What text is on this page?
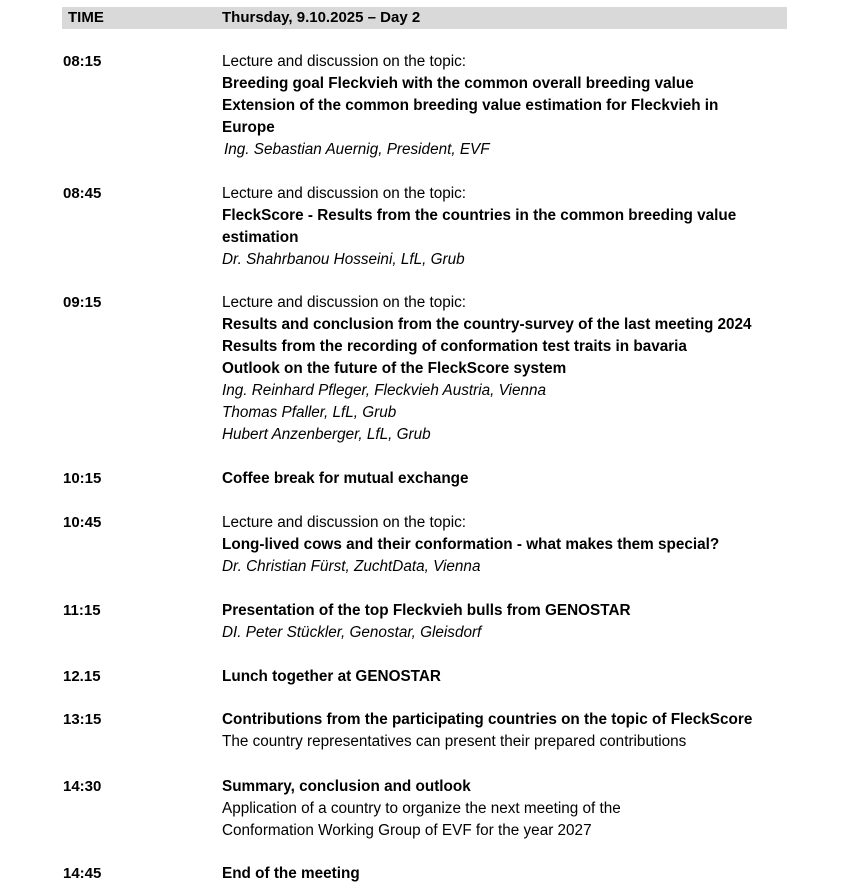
TIME	Thursday, 9.10.2025 – Day 2
08:15	Lecture and discussion on the topic:
Breeding goal Fleckvieh with the common overall breeding value
Extension of the common breeding value estimation for Fleckvieh in
Europe
Ing. Sebastian Auernig, President, EVF
08:45	Lecture and discussion on the topic:
FleckScore - Results from the countries in the common breeding value
estimation
Dr. Shahrbanou Hosseini, LfL, Grub
09:15	Lecture and discussion on the topic:
Results and conclusion from the country-survey of the last meeting 2024
Results from the recording of conformation test traits in bavaria
Outlook on the future of the FleckScore system
Ing. Reinhard Pfleger, Fleckvieh Austria, Vienna
Thomas Pfaller, LfL, Grub
Hubert Anzenberger, LfL, Grub
10:15	Coffee break for mutual exchange
10:45	Lecture and discussion on the topic:
Long-lived cows and their conformation - what makes them special?
Dr. Christian Fürst, ZuchtData, Vienna
11:15	Presentation of the top Fleckvieh bulls from GENOSTAR
DI. Peter Stückler, Genostar, Gleisdorf
12.15	Lunch together at GENOSTAR
13:15	Contributions from the participating countries on the topic of FleckScore
The country representatives can present their prepared contributions
14:30	Summary, conclusion and outlook
Application of a country to organize the next meeting of the
Conformation Working Group of EVF for the year 2027
14:45	End of the meeting
